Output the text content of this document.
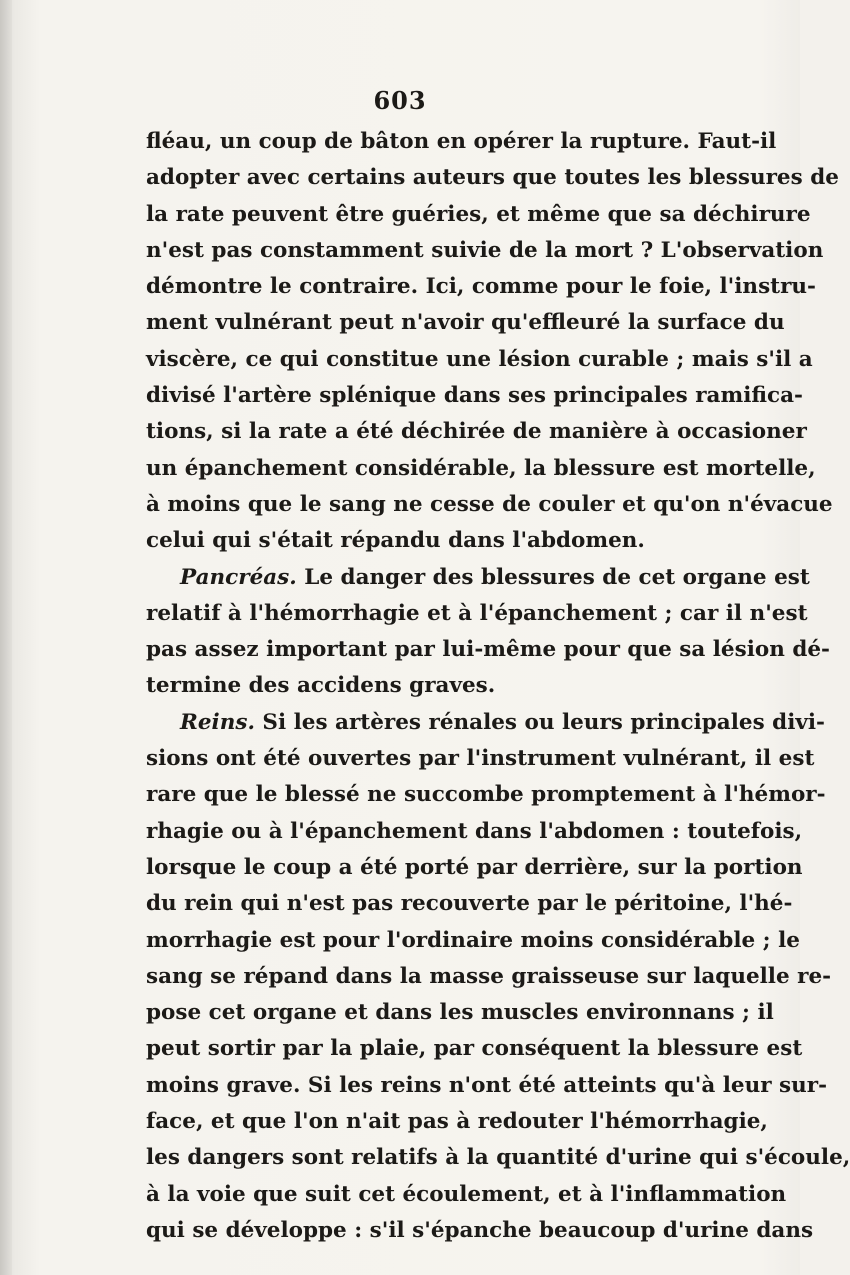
603
fléau, un coup de bâton en opérer la rupture. Faut-il
adopter avec certains auteurs que toutes les blessures de
la rate peuvent être guéries, et même que sa déchirure
n'est pas constamment suivie de la mort ? L'observation
démontre le contraire. Ici, comme pour le foie, l'instru-
ment vulnérant peut n'avoir qu'effleuré la surface du
viscère, ce qui constitue une lésion curable ; mais s'il a
divisé l'artère splénique dans ses principales ramifica-
tions, si la rate a été déchirée de manière à occasioner
un épanchement considérable, la blessure est mortelle,
à moins que le sang ne cesse de couler et qu'on n'évacue
celui qui s'était répandu dans l'abdomen.
Pancréas. Le danger des blessures de cet organe est
relatif à l'hémorrhagie et à l'épanchement ; car il n'est
pas assez important par lui-même pour que sa lésion dé-
termine des accidens graves.
Reins. Si les artères rénales ou leurs principales divi-
sions ont été ouvertes par l'instrument vulnérant, il est
rare que le blessé ne succombe promptement à l'hémor-
rhagie ou à l'épanchement dans l'abdomen : toutefois,
lorsque le coup a été porté par derrière, sur la portion
du rein qui n'est pas recouverte par le péritoine, l'hé-
morrhagie est pour l'ordinaire moins considérable ; le
sang se répand dans la masse graisseuse sur laquelle re-
pose cet organe et dans les muscles environnans ; il
peut sortir par la plaie, par conséquent la blessure est
moins grave. Si les reins n'ont été atteints qu'à leur sur-
face, et que l'on n'ait pas à redouter l'hémorrhagie,
les dangers sont relatifs à la quantité d'urine qui s'écoule,
à la voie que suit cet écoulement, et à l'inflammation
qui se développe : s'il s'épanche beaucoup d'urine dans
